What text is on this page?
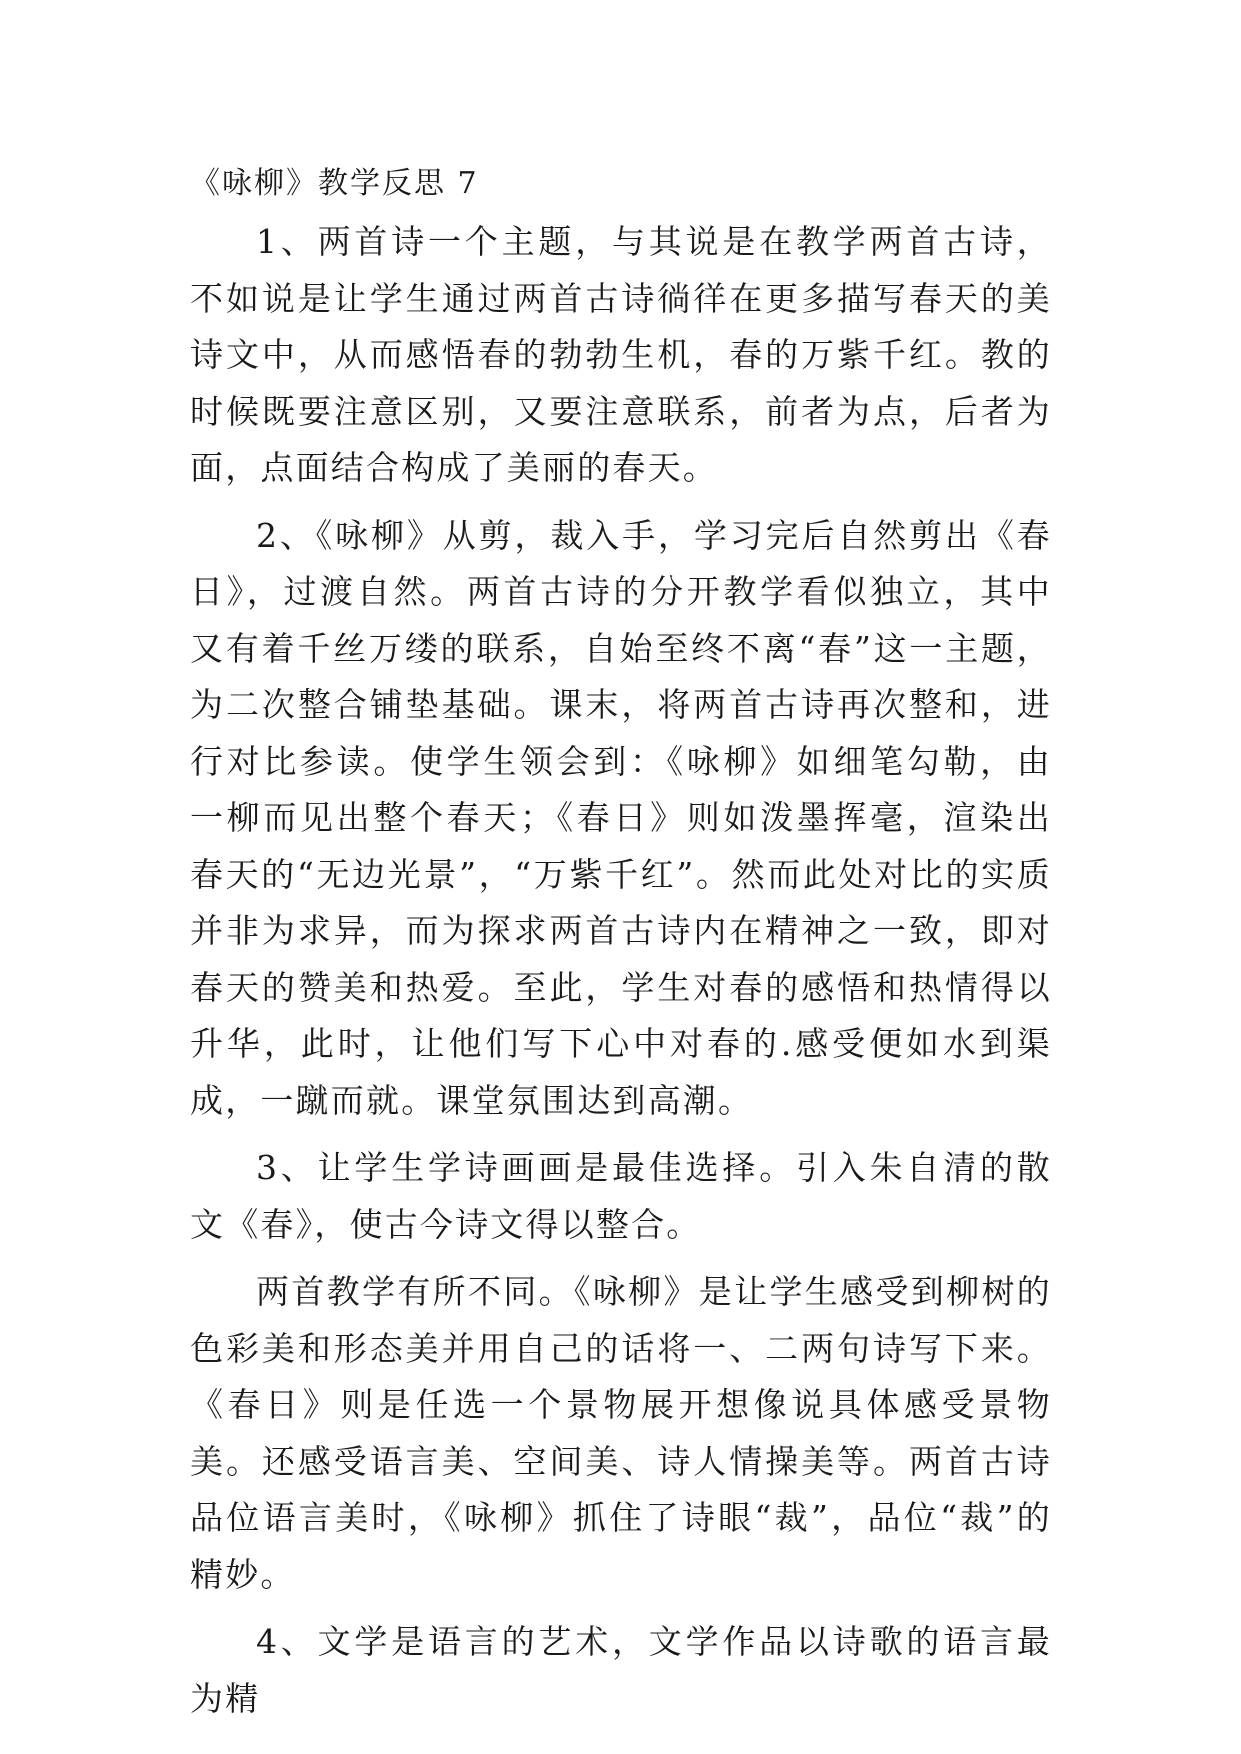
《咏柳》教学反思 7

1、两首诗一个主题，与其说是在教学两首古诗，不如说是让学生通过两首古诗徜徉在更多描写春天的美诗文中，从而感悟春的勃勃生机，春的万紫千红。教的时候既要注意区别，又要注意联系，前者为点，后者为面，点面结合构成了美丽的春天。

2、《咏柳》从剪，裁入手，学习完后自然剪出《春日》，过渡自然。两首古诗的分开教学看似独立，其中又有着千丝万缕的联系，自始至终不离“春”这一主题，为二次整合铺垫基础。课末，将两首古诗再次整和，进行对比参读。使学生领会到：《咏柳》如细笔勾勒，由一柳而见出整个春天；《春日》则如泼墨挥毫，渲染出春天的“无边光景”，“万紫千红”。然而此处对比的实质并非为求异，而为探求两首古诗内在精神之一致，即对春天的赞美和热爱。至此，学生对春的感悟和热情得以升华，此时，让他们写下心中对春的.感受便如水到渠成，一蹴而就。课堂氛围达到高潮。

3、让学生学诗画画是最佳选择。引入朱自清的散文《春》，使古今诗文得以整合。

两首教学有所不同。《咏柳》是让学生感受到柳树的色彩美和形态美并用自己的话将一、二两句诗写下来。《春日》则是任选一个景物展开想像说具体感受景物美。还感受语言美、空间美、诗人情操美等。两首古诗品位语言美时，《咏柳》抓住了诗眼“裁”，品位“裁”的精妙。

4、文学是语言的艺术，文学作品以诗歌的语言最为精
